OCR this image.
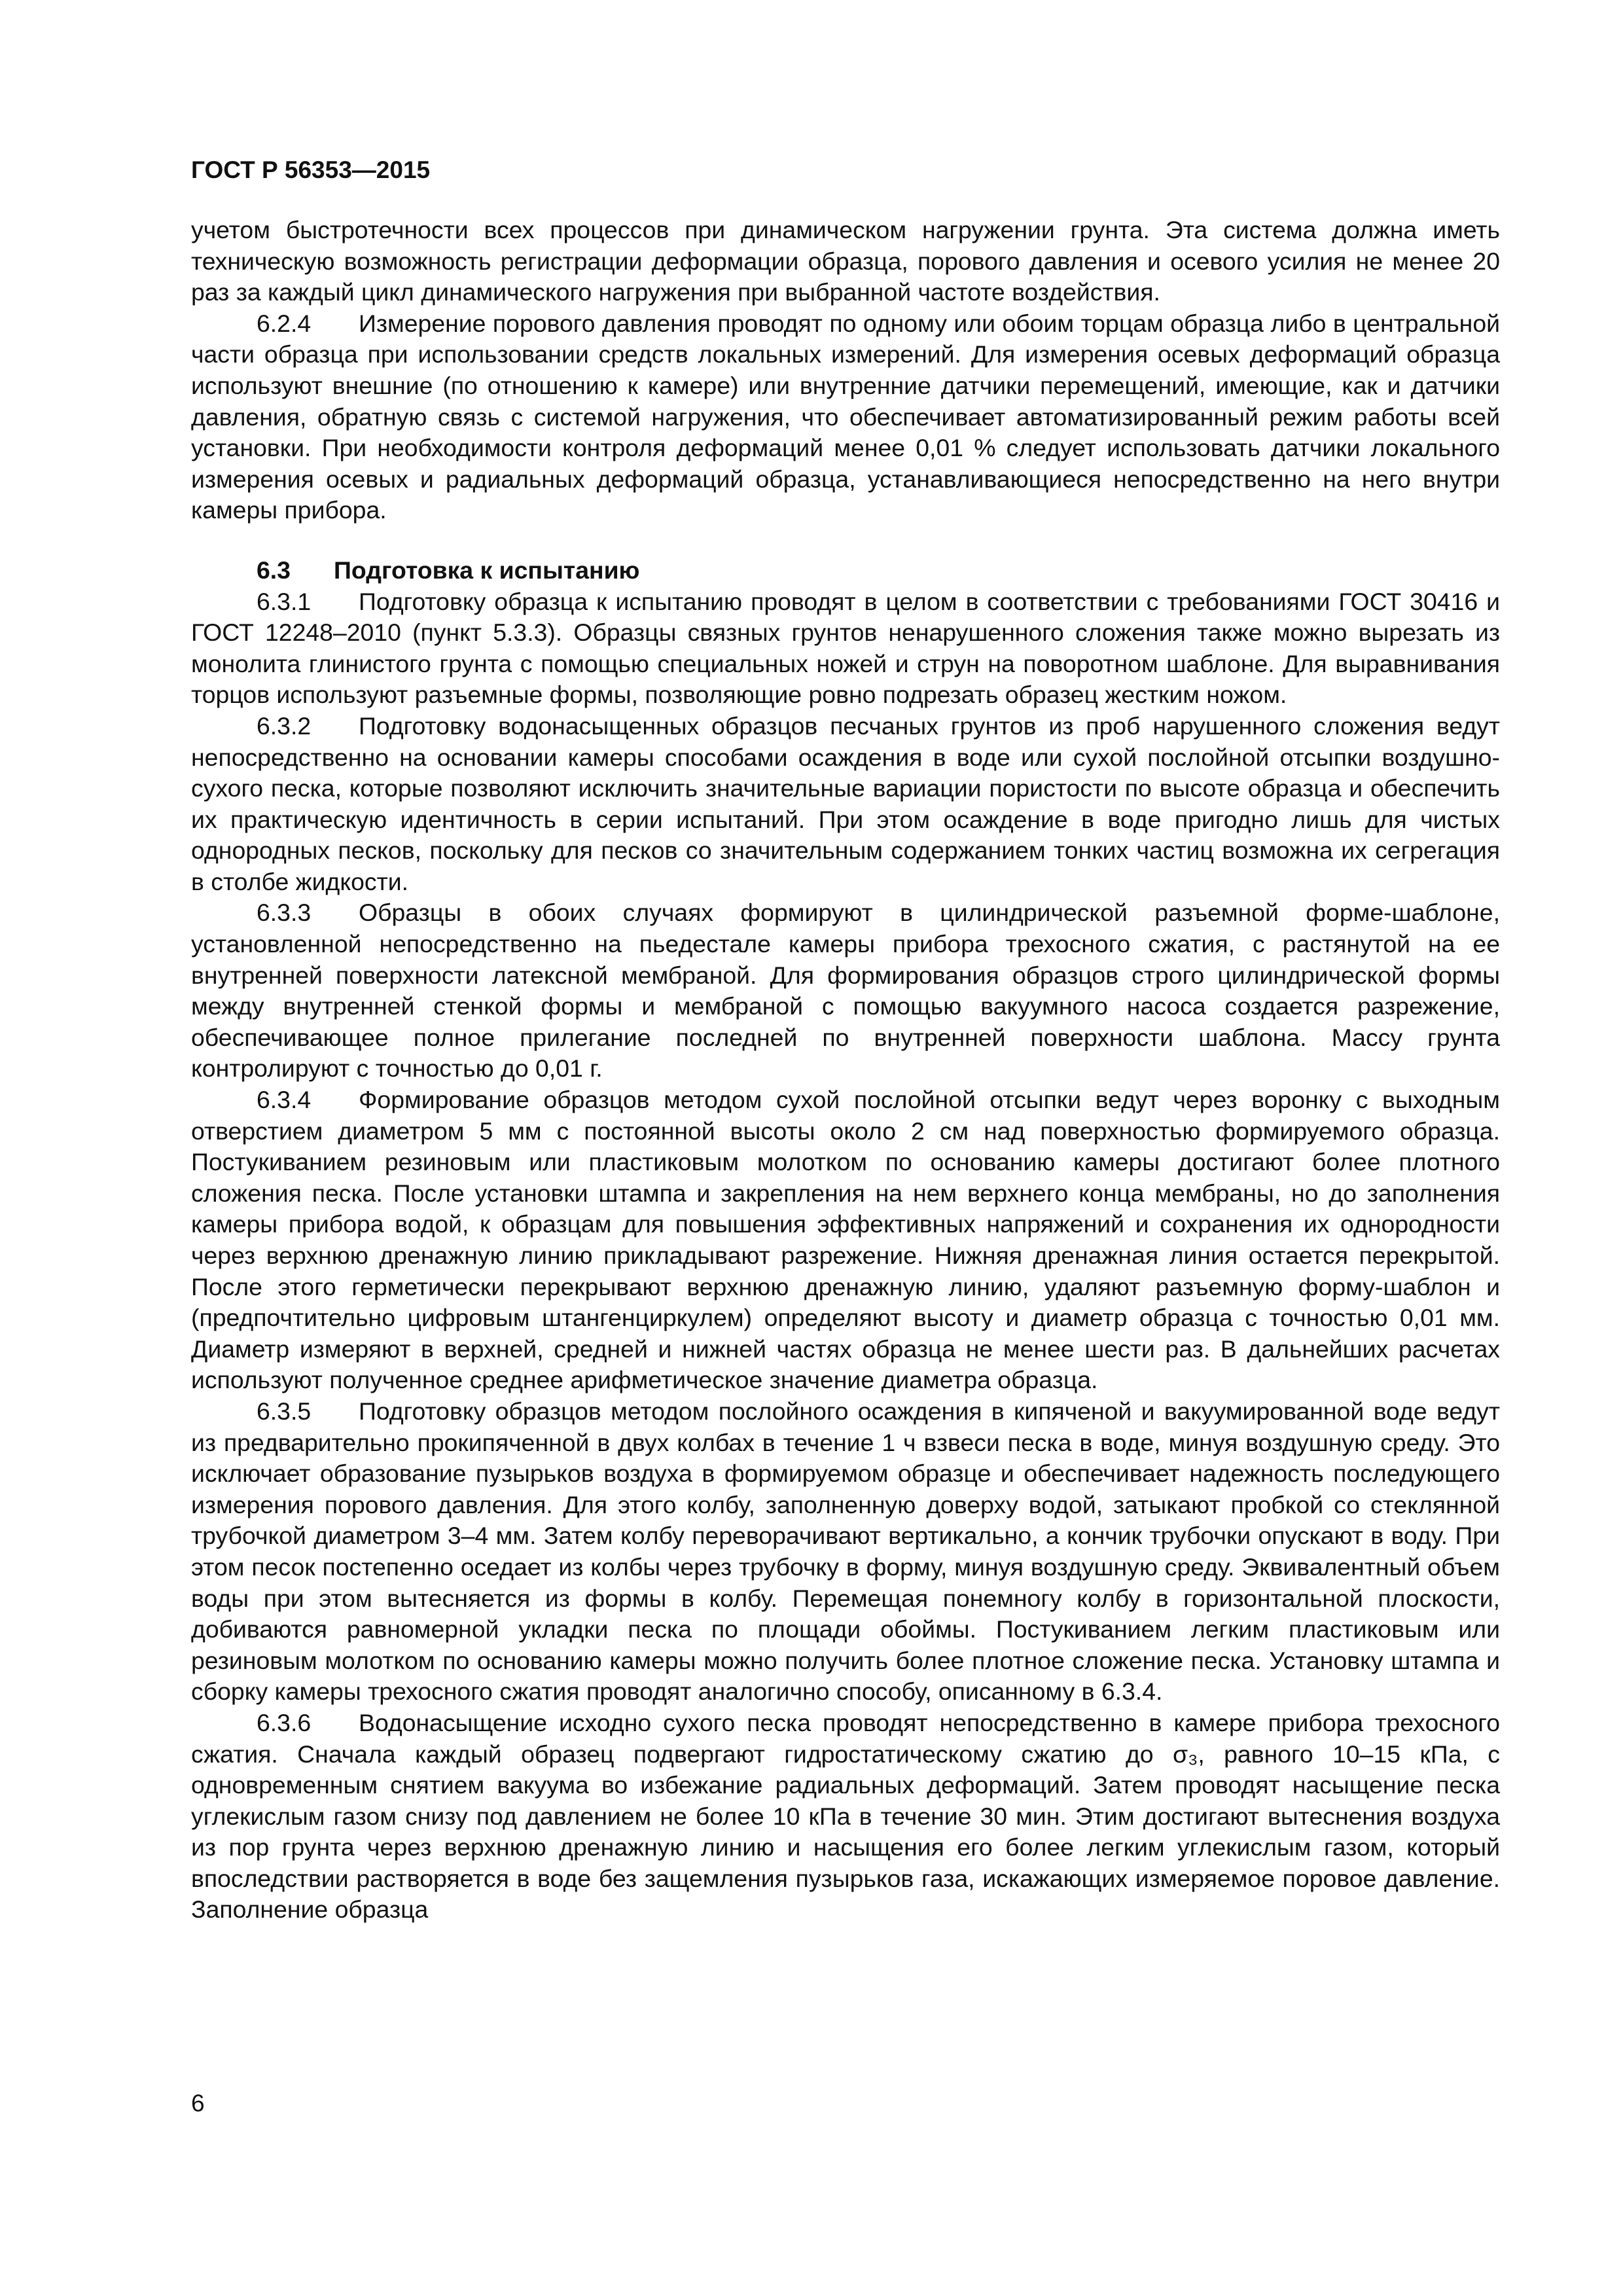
ГОСТ Р 56353—2015

учетом быстротечности всех процессов при динамическом нагружении грунта. Эта система должна иметь техническую возможность регистрации деформации образца, порового давления и осевого усилия не менее 20 раз за каждый цикл динамического нагружения при выбранной частоте воздействия.

6.2.4 Измерение порового давления проводят по одному или обоим торцам образца либо в центральной части образца при использовании средств локальных измерений. Для измерения осевых деформаций образца используют внешние (по отношению к камере) или внутренние датчики перемещений, имеющие, как и датчики давления, обратную связь с системой нагружения, что обеспечивает автоматизированный режим работы всей установки. При необходимости контроля деформаций менее 0,01 % следует использовать датчики локального измерения осевых и радиальных деформаций образца, устанавливающиеся непосредственно на него внутри камеры прибора.

6.3 Подготовка к испытанию

6.3.1 Подготовку образца к испытанию проводят в целом в соответствии с требованиями ГОСТ 30416 и ГОСТ 12248–2010 (пункт 5.3.3). Образцы связных грунтов ненарушенного сложения также можно вырезать из монолита глинистого грунта с помощью специальных ножей и струн на поворотном шаблоне. Для выравнивания торцов используют разъемные формы, позволяющие ровно подрезать образец жестким ножом.

6.3.2 Подготовку водонасыщенных образцов песчаных грунтов из проб нарушенного сложения ведут непосредственно на основании камеры способами осаждения в воде или сухой послойной отсыпки воздушно-сухого песка, которые позволяют исключить значительные вариации пористости по высоте образца и обеспечить их практическую идентичность в серии испытаний. При этом осаждение в воде пригодно лишь для чистых однородных песков, поскольку для песков со значительным содержанием тонких частиц возможна их сегрегация в столбе жидкости.

6.3.3 Образцы в обоих случаях формируют в цилиндрической разъемной форме-шаблоне, установленной непосредственно на пьедестале камеры прибора трехосного сжатия, с растянутой на ее внутренней поверхности латексной мембраной. Для формирования образцов строго цилиндрической формы между внутренней стенкой формы и мембраной с помощью вакуумного насоса создается разрежение, обеспечивающее полное прилегание последней по внутренней поверхности шаблона. Массу грунта контролируют с точностью до 0,01 г.

6.3.4 Формирование образцов методом сухой послойной отсыпки ведут через воронку с выходным отверстием диаметром 5 мм с постоянной высоты около 2 см над поверхностью формируемого образца. Постукиванием резиновым или пластиковым молотком по основанию камеры достигают более плотного сложения песка. После установки штампа и закрепления на нем верхнего конца мембраны, но до заполнения камеры прибора водой, к образцам для повышения эффективных напряжений и сохранения их однородности через верхнюю дренажную линию прикладывают разрежение. Нижняя дренажная линия остается перекрытой. После этого герметически перекрывают верхнюю дренажную линию, удаляют разъемную форму-шаблон и (предпочтительно цифровым штангенциркулем) определяют высоту и диаметр образца с точностью 0,01 мм. Диаметр измеряют в верхней, средней и нижней частях образца не менее шести раз. В дальнейших расчетах используют полученное среднее арифметическое значение диаметра образца.

6.3.5 Подготовку образцов методом послойного осаждения в кипяченой и вакуумированной воде ведут из предварительно прокипяченной в двух колбах в течение 1 ч взвеси песка в воде, минуя воздушную среду. Это исключает образование пузырьков воздуха в формируемом образце и обеспечивает надежность последующего измерения порового давления. Для этого колбу, заполненную доверху водой, затыкают пробкой со стеклянной трубочкой диаметром 3–4 мм. Затем колбу переворачивают вертикально, а кончик трубочки опускают в воду. При этом песок постепенно оседает из колбы через трубочку в форму, минуя воздушную среду. Эквивалентный объем воды при этом вытесняется из формы в колбу. Перемещая понемногу колбу в горизонтальной плоскости, добиваются равномерной укладки песка по площади обоймы. Постукиванием легким пластиковым или резиновым молотком по основанию камеры можно получить более плотное сложение песка. Установку штампа и сборку камеры трехосного сжатия проводят аналогично способу, описанному в 6.3.4.

6.3.6 Водонасыщение исходно сухого песка проводят непосредственно в камере прибора трехосного сжатия. Сначала каждый образец подвергают гидростатическому сжатию до σ₃, равного 10–15 кПа, с одновременным снятием вакуума во избежание радиальных деформаций. Затем проводят насыщение песка углекислым газом снизу под давлением не более 10 кПа в течение 30 мин. Этим достигают вытеснения воздуха из пор грунта через верхнюю дренажную линию и насыщения его более легким углекислым газом, который впоследствии растворяется в воде без защемления пузырьков газа, искажающих измеряемое поровое давление. Заполнение образца

6
